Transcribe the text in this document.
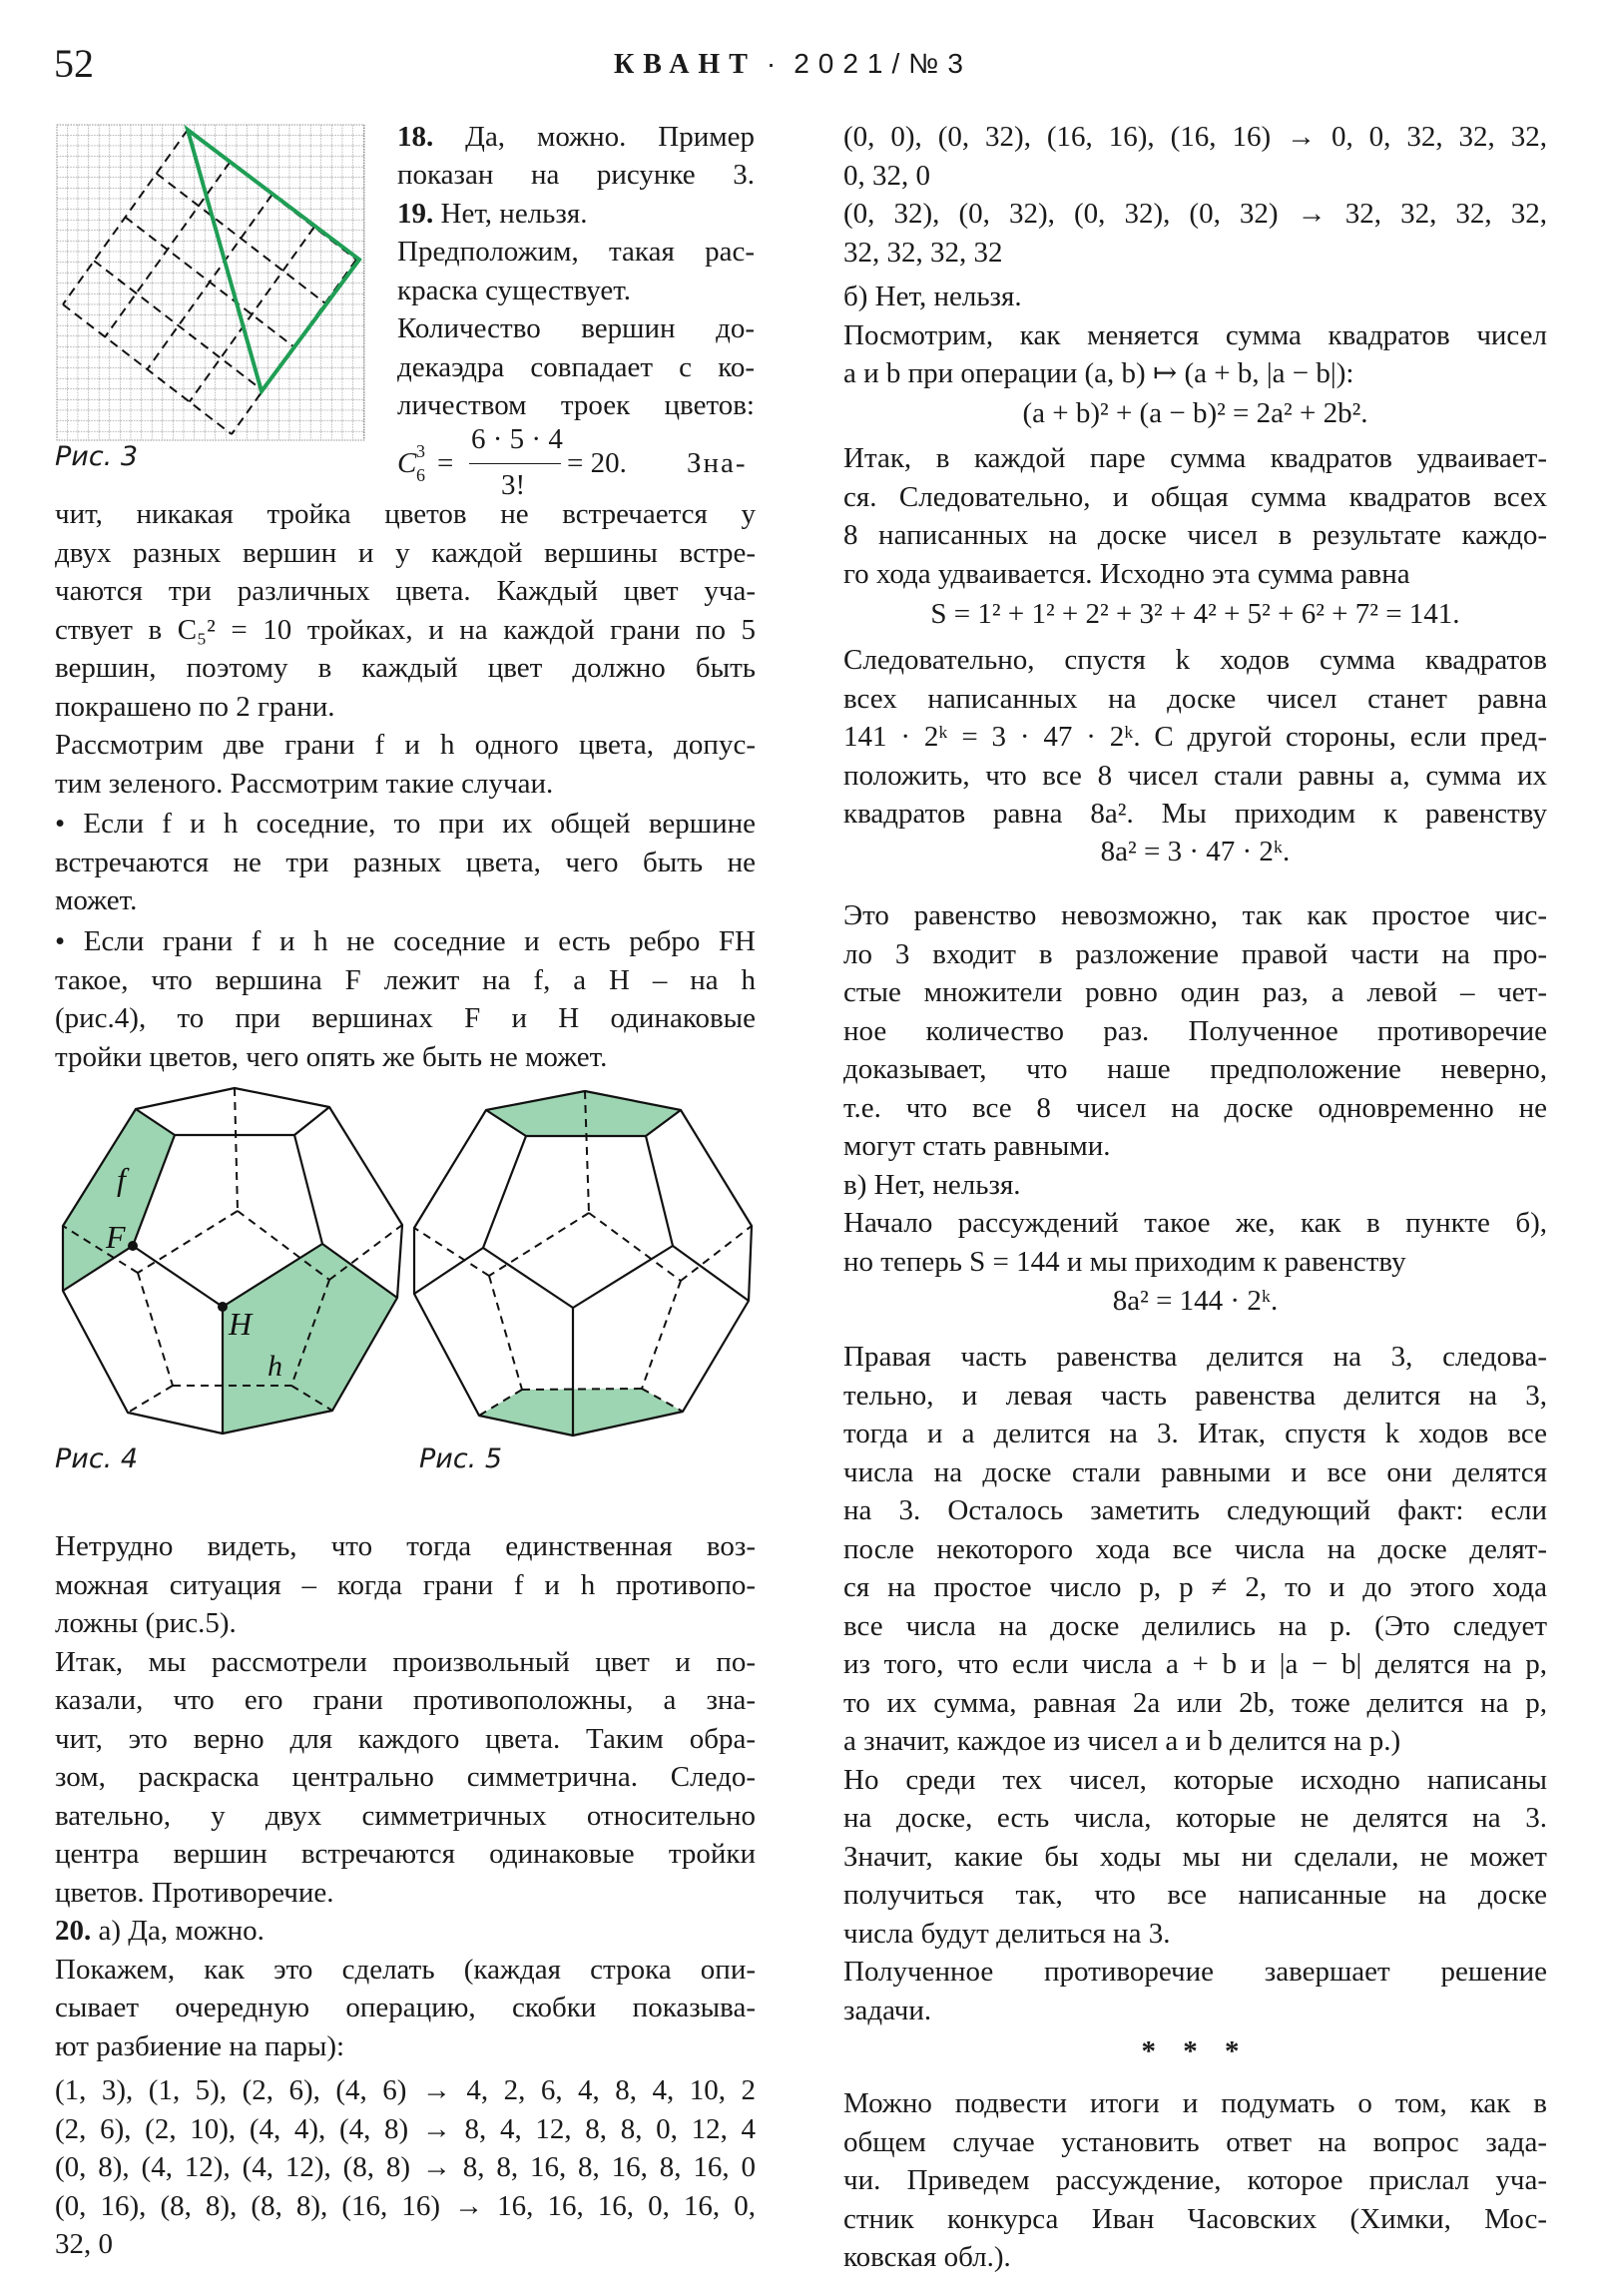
52	КВАНТ · 2021/№3
Рис. 3
18. Да, можно. Пример
показан на рисунке 3.
19. Нет, нельзя.
Предположим, такая рас-
краска существует.
Количество вершин до-
декаэдра совпадает с ко-
личеством троек цветов:
C 3
6 =
6 · 5 · 4
3!
= 20. Зна-
чит, никакая тройка цветов не встречается у
двух разных вершин и у каждой вершины встре-
чаются три различных цвета. Каждый цвет уча-
ствует в C₅² = 10 тройках, и на каждой грани по 5
вершин, поэтому в каждый цвет должно быть
покрашено по 2 грани.
Рассмотрим две грани f и h одного цвета, допус-
тим зеленого. Рассмотрим такие случаи.
• Если f и h соседние, то при их общей вершине
встречаются не три разных цвета, чего быть не
может.
• Если грани f и h не соседние и есть ребро FH
такое, что вершина F лежит на f, а H – на h
(рис.4), то при вершинах F и H одинаковые
тройки цветов, чего опять же быть не может.
f
F
H
h
Рис. 4	Рис. 5
Нетрудно видеть, что тогда единственная воз-
можная ситуация – когда грани f и h противопо-
ложны (рис.5).
Итак, мы рассмотрели произвольный цвет и по-
казали, что его грани противоположны, а зна-
чит, это верно для каждого цвета. Таким обра-
зом, раскраска центрально симметрична. Следо-
вательно, у двух симметричных относительно
центра вершин встречаются одинаковые тройки
цветов. Противоречие.
20. а) Да, можно.
Покажем, как это сделать (каждая строка опи-
сывает очередную операцию, скобки показыва-
ют разбиение на пары):
(1, 3), (1, 5), (2, 6), (4, 6) → 4, 2, 6, 4, 8, 4, 10, 2
(2, 6), (2, 10), (4, 4), (4, 8) → 8, 4, 12, 8, 8, 0, 12, 4
(0, 8), (4, 12), (4, 12), (8, 8) → 8, 8, 16, 8, 16, 8, 16, 0
(0, 16), (8, 8), (8, 8), (16, 16) → 16, 16, 16, 0, 16, 0,
32, 0
(0, 0), (0, 32), (16, 16), (16, 16) → 0, 0, 32, 32, 32,
0, 32, 0
(0, 32), (0, 32), (0, 32), (0, 32) → 32, 32, 32, 32,
32, 32, 32, 32
б) Нет, нельзя.
Посмотрим, как меняется сумма квадратов чисел
a и b при операции (a, b) ↦ (a + b, |a − b|):
(a + b)² + (a − b)² = 2a² + 2b².
Итак, в каждой паре сумма квадратов удваивает-
ся. Следовательно, и общая сумма квадратов всех
8 написанных на доске чисел в результате каждо-
го хода удваивается. Исходно эта сумма равна
S = 1² + 1² + 2² + 3² + 4² + 5² + 6² + 7² = 141.
Следовательно, спустя k ходов сумма квадратов
всех написанных на доске чисел станет равна
141 · 2ᵏ = 3 · 47 · 2ᵏ. С другой стороны, если пред-
положить, что все 8 чисел стали равны a, сумма их
квадратов равна 8a². Мы приходим к равенству
8a² = 3 · 47 · 2ᵏ.
Это равенство невозможно, так как простое чис-
ло 3 входит в разложение правой части на про-
стые множители ровно один раз, а левой – чет-
ное количество раз. Полученное противоречие
доказывает, что наше предположение неверно,
т.е. что все 8 чисел на доске одновременно не
могут стать равными.
в) Нет, нельзя.
Начало рассуждений такое же, как в пункте б),
но теперь S = 144 и мы приходим к равенству
8a² = 144 · 2ᵏ.
Правая часть равенства делится на 3, следова-
тельно, и левая часть равенства делится на 3,
тогда и a делится на 3. Итак, спустя k ходов все
числа на доске стали равными и все они делятся
на 3. Осталось заметить следующий факт: если
после некоторого хода все числа на доске делят-
ся на простое число p, p ≠ 2, то и до этого хода
все числа на доске делились на p. (Это следует
из того, что если числа a + b и |a − b| делятся на p,
то их сумма, равная 2a или 2b, тоже делится на p,
а значит, каждое из чисел a и b делится на p.)
Но среди тех чисел, которые исходно написаны
на доске, есть числа, которые не делятся на 3.
Значит, какие бы ходы мы ни сделали, не может
получиться так, что все написанные на доске
числа будут делиться на 3.
Полученное противоречие завершает решение
задачи.
* * *
Можно подвести итоги и подумать о том, как в
общем случае установить ответ на вопрос зада-
чи. Приведем рассуждение, которое прислал уча-
стник конкурса Иван Часовских (Химки, Мос-
ковская обл.).
